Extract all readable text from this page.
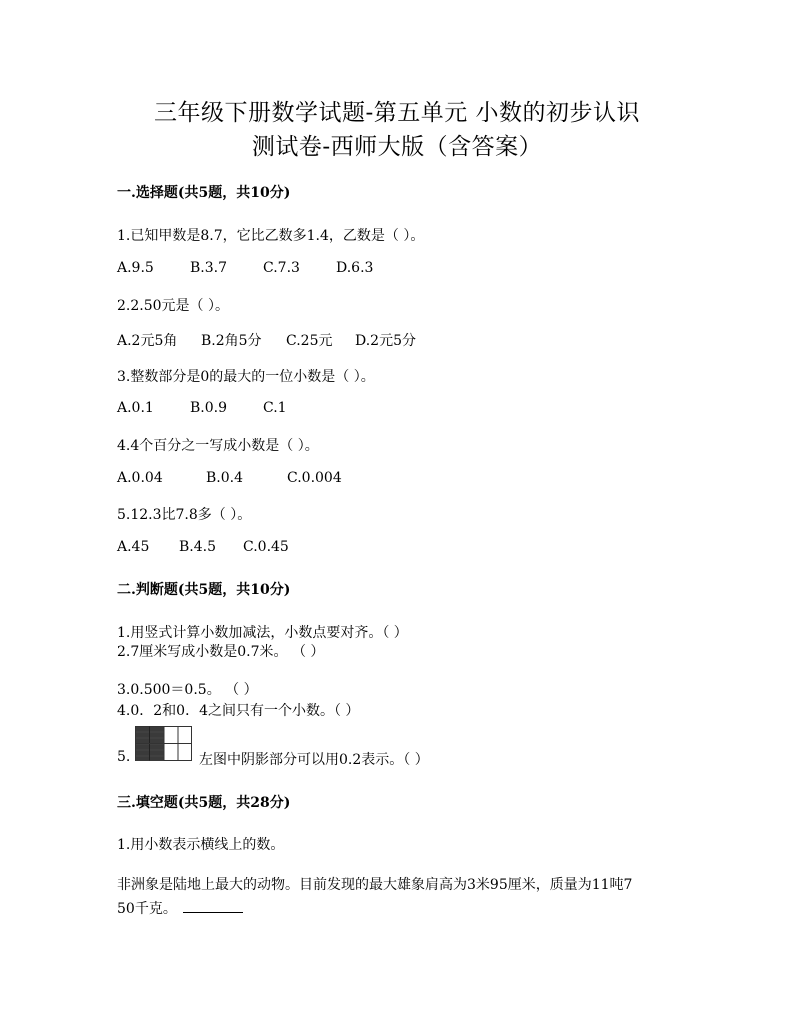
三年级下册数学试题-第五单元 小数的初步认识
测试卷-西师大版（含答案）
一.选择题(共5题，共10分)
1.已知甲数是8.7，它比乙数多1.4，乙数是（ ）。
A.9.5	B.3.7	C.7.3	D.6.3
2.2.50元是（ ）。
A.2元5角 B.2角5分 C.25元 D.2元5分
3.整数部分是0的最大的一位小数是（ ）。
A.0.1	B.0.9	C.1
4.4个百分之一写成小数是（ ）。
A.0.04	B.0.4	C.0.004
5.12.3比7.8多（ ）。
A.45 B.4.5 C.0.45
二.判断题(共5题，共10分)
1.用竖式计算小数加减法，小数点要对齐。（ ）
2.7厘米写成小数是0.7米。 （ ）
3.0.500＝0.5。 （ ）
4.0．2和0．4之间只有一个小数。（ ）
5.	左图中阴影部分可以用0.2表示。（ ）
三.填空题(共5题，共28分)
1.用小数表示横线上的数。
非洲象是陆地上最大的动物。目前发现的最大雄象肩高为3米95厘米，质量为11吨7
50千克。
